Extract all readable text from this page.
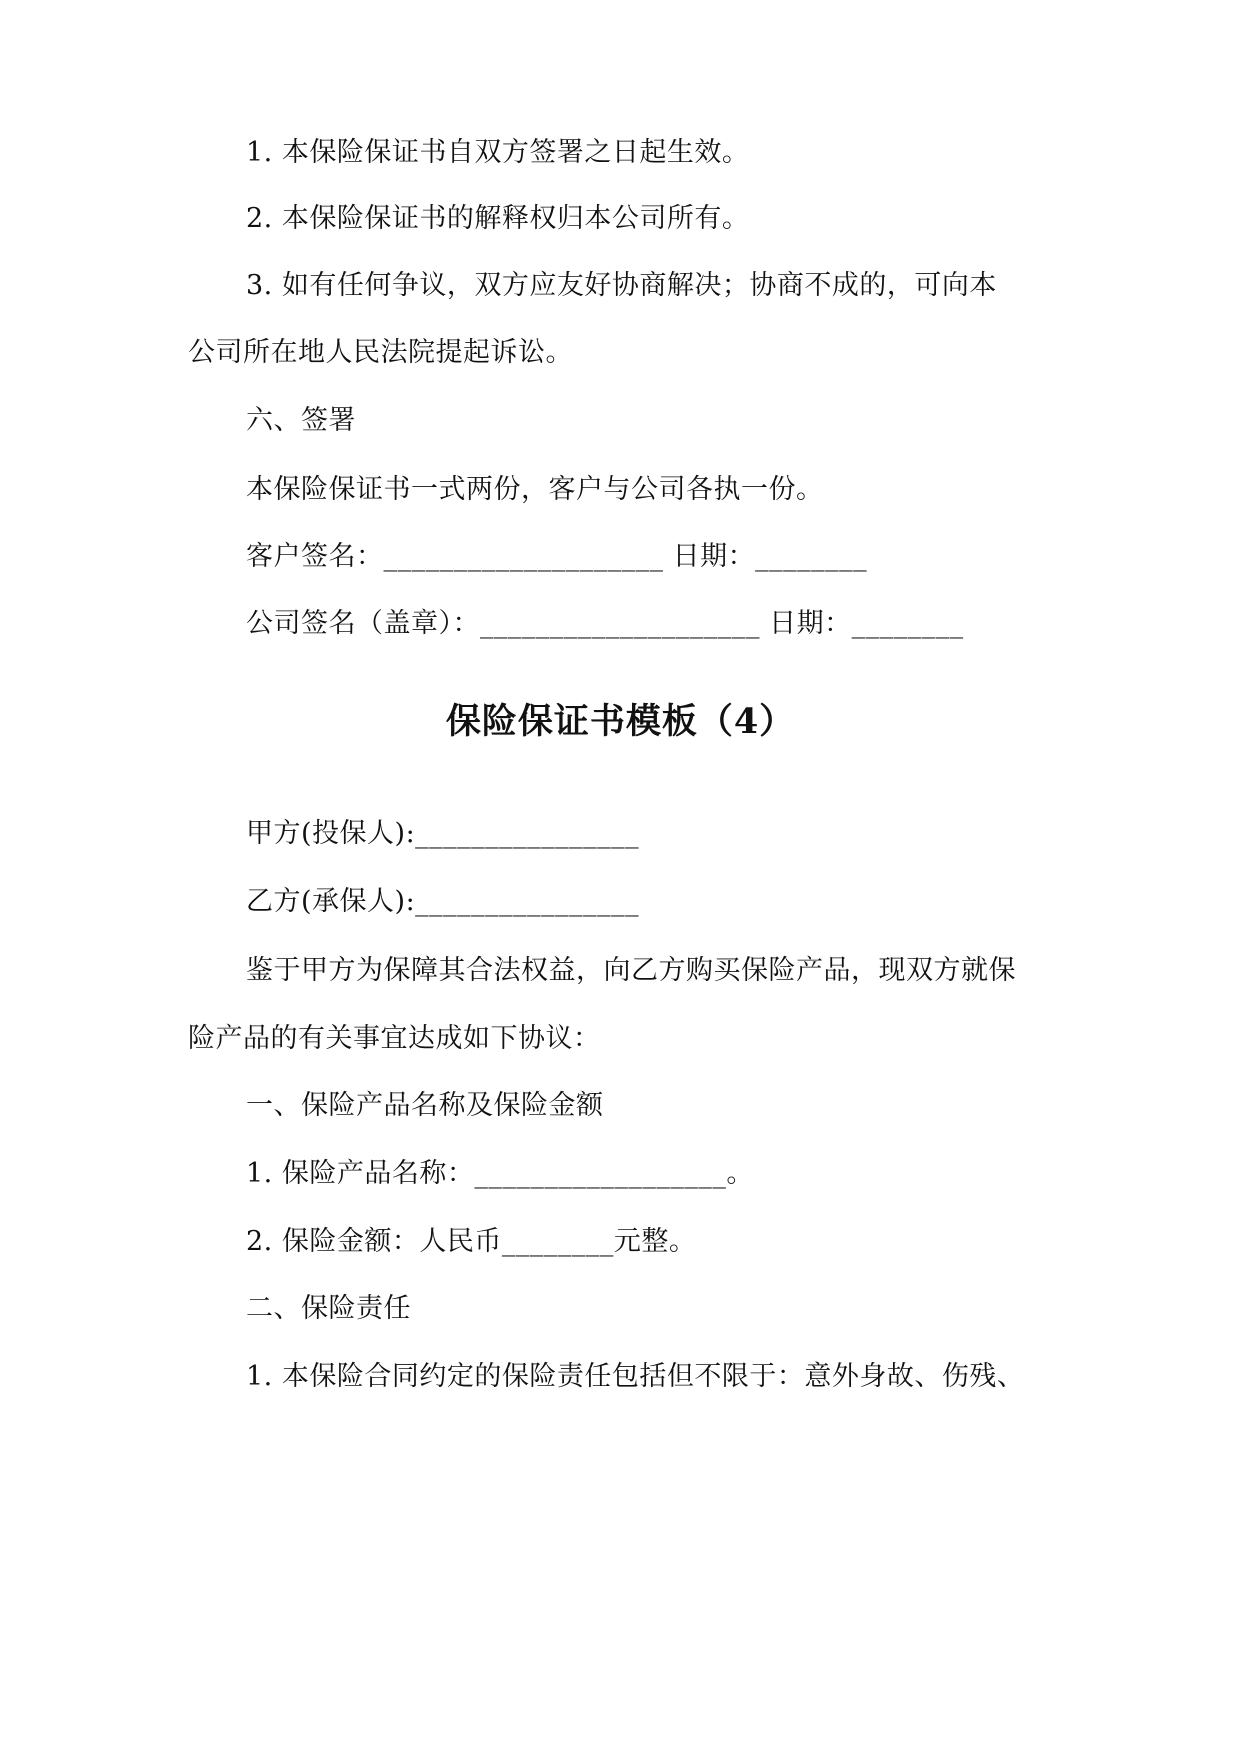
1. 本保险保证书自双方签署之日起生效。
2. 本保险保证书的解释权归本公司所有。
3. 如有任何争议，双方应友好协商解决；协商不成的，可向本
公司所在地人民法院提起诉讼。
六、签署
本保险保证书一式两份，客户与公司各执一份。
客户签名：____________________ 日期：________
公司签名（盖章）：____________________ 日期：________
保险保证书模板（4）
甲方(投保人):________________
乙方(承保人):________________
鉴于甲方为保障其合法权益，向乙方购买保险产品，现双方就保
险产品的有关事宜达成如下协议：
一、保险产品名称及保险金额
1. 保险产品名称：__________________。
2. 保险金额：人民币________元整。
二、保险责任
1. 本保险合同约定的保险责任包括但不限于：意外身故、伤残、
